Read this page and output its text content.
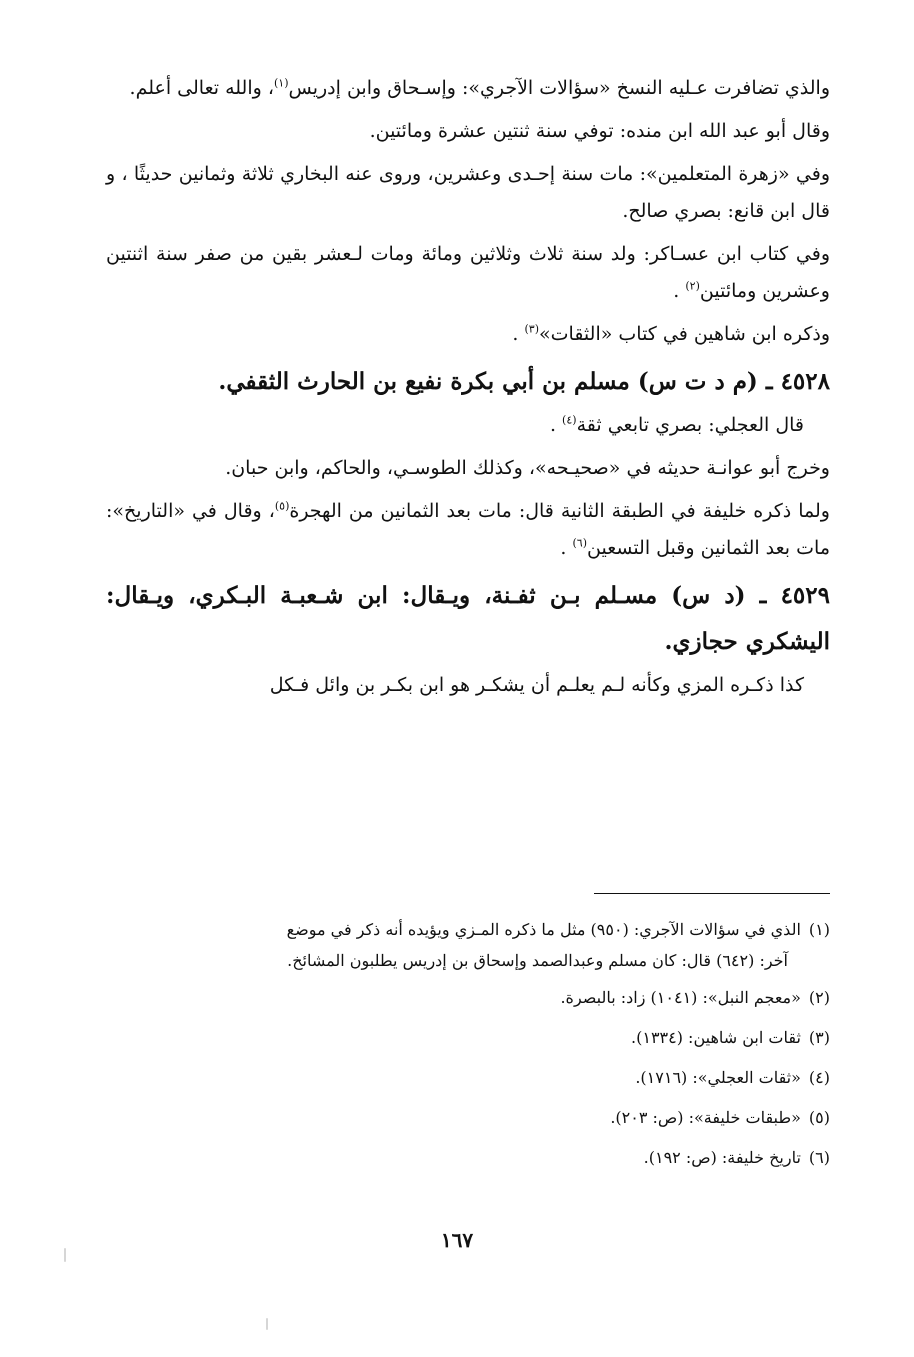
والذي تضافرت عـليه النسخ «سؤالات الآجري»: وإسـحاق وابن إدريس$^{(١)}$، والله تعالى أعلم.

وقال أبو عبد الله ابن منده: توفي سنة ثنتين عشرة ومائتين.

وفي «زهرة المتعلمين»: مات سنة إحـدى وعشرين، وروى عنه البخاري ثلاثة وثمانين حديثًا ، و قال ابن قانع: بصري صالح.

وفي كتاب ابن عسـاكر: ولد سنة ثلاث وثلاثين ومائة ومات لـعشر بقين من صفر سنة اثنتين وعشرين ومائتين$^{(٢)}$ .

وذكره ابن شاهين في كتاب «الثقات»$^{(٣)}$ .

٤٥٢٨ ـ (م د ت س) مسلم بن أبي بكرة نفيع بن الحارث الثقفي.

قال العجلي: بصري تابعي ثقة$^{(٤)}$ .

وخرج أبو عوانـة حديثه في «صحيـحه»، وكذلك الطوسـي، والحاكم، وابن حبان.

ولما ذكره خليفة في الطبقة الثانية قال: مات بعد الثمانين من الهجرة$^{(٥)}$، وقال في «التاريخ»: مات بعد الثمانين وقبل التسعين$^{(٦)}$ .

٤٥٢٩ ـ (د س) مسـلم بـن ثفـنة، ويـقال: ابن شـعبـة البـكري، ويـقال: اليشكري حجازي.

كذا ذكـره المزي وكأنه لـم يعلـم أن يشكـر هو ابن بكـر بن وائل فـكل

(١)الذي في سؤالات الآجري: (٩٥٠) مثل ما ذكره المـزي ويؤيده أنه ذكر في موضع

آخر: (٦٤٢) قال: كان مسلم وعبدالصمد وإسحاق بن إدريس يطلبون المشائخ.

(٢)«معجم النبل»: (١٠٤١) زاد: بالبصرة.

(٣)ثقات ابن شاهين: (١٣٣٤).

(٤)«ثقات العجلي»: (١٧١٦).

(٥)«طبقات خليفة»: (ص: ٢٠٣).

(٦)تاريخ خليفة: (ص: ١٩٢).

١٦٧
